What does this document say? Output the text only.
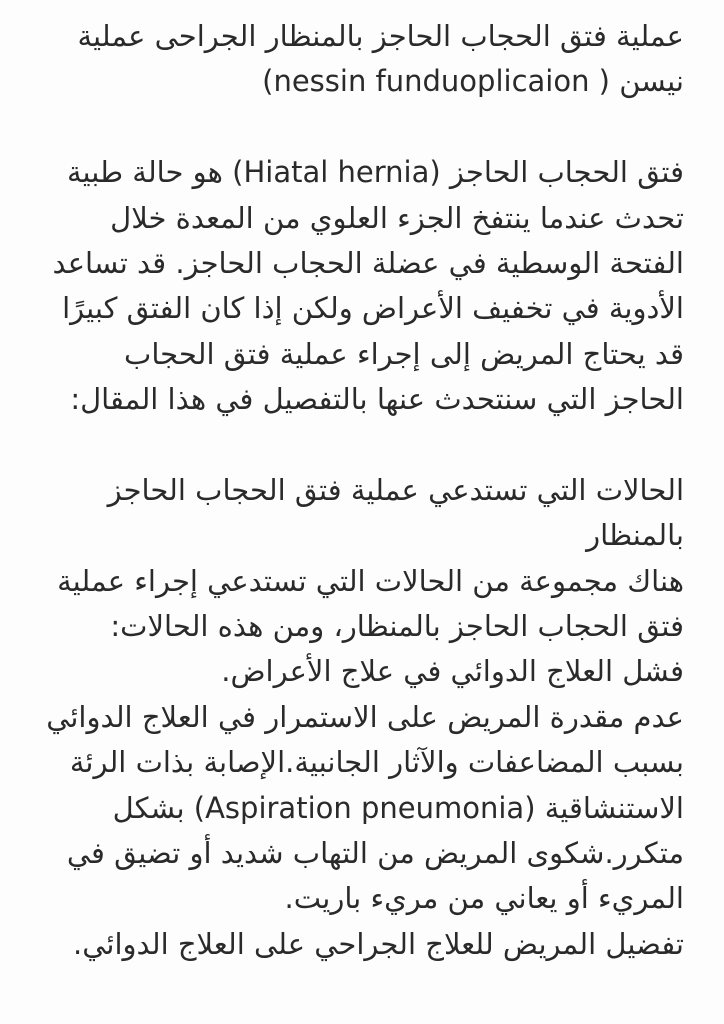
عملية فتق الحجاب الحاجز بالمنظار الجراحى عملية
نيسن ( nessin funduoplicaion)
فتق الحجاب الحاجز (Hiatal hernia) هو حالة طبية
تحدث عندما ينتفخ الجزء العلوي من المعدة خلال
الفتحة الوسطية في عضلة الحجاب الحاجز. قد تساعد
الأدوية في تخفيف الأعراض ولكن إذا كان الفتق كبيرًا
قد يحتاج المريض إلى إجراء عملية فتق الحجاب
الحاجز التي سنتحدث عنها بالتفصيل في هذا المقال:
الحالات التي تستدعي عملية فتق الحجاب الحاجز
بالمنظار
هناك مجموعة من الحالات التي تستدعي إجراء عملية
فتق الحجاب الحاجز بالمنظار، ومن هذه الحالات:
فشل العلاج الدوائي في علاج الأعراض.
عدم مقدرة المريض على الاستمرار في العلاج الدوائي
بسبب المضاعفات والآثار الجانبية.الإصابة بذات الرئة
الاستنشاقية (Aspiration pneumonia) بشكل
متكرر.شكوى المريض من التهاب شديد أو تضيق في
المريء أو يعاني من مريء باريت.
تفضيل المريض للعلاج الجراحي على العلاج الدوائي.
